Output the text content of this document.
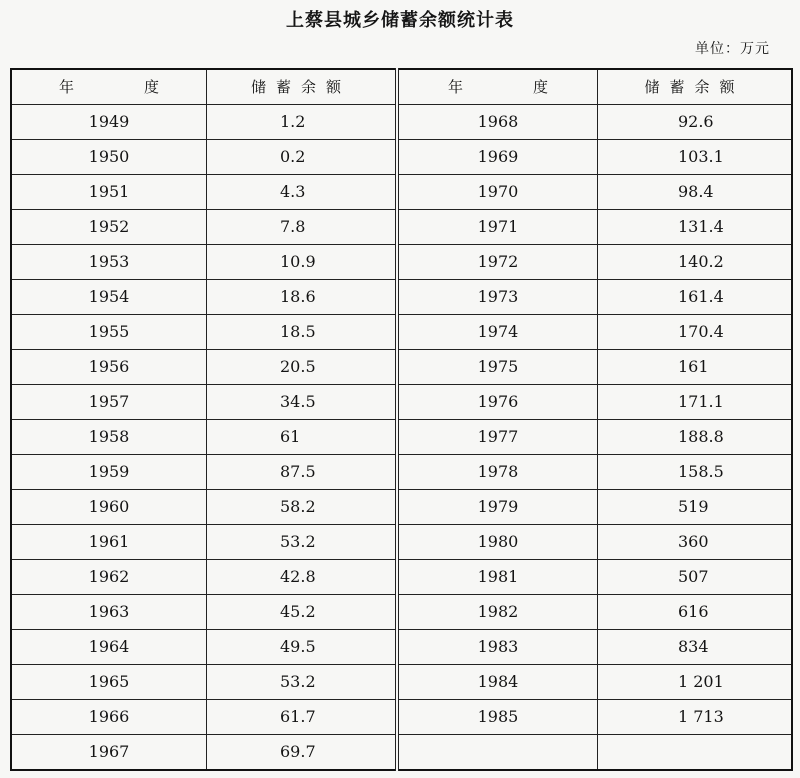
上蔡县城乡储蓄余额统计表
单位：万元
年 度	储蓄余额	年 度	储蓄余额
1949	1.2	1968	92.6
1950	0.2	1969	103.1
1951	4.3	1970	98.4
1952	7.8	1971	131.4
1953	10.9	1972	140.2
1954	18.6	1973	161.4
1955	18.5	1974	170.4
1956	20.5	1975	161
1957	34.5	1976	171.1
1958	61	1977	188.8
1959	87.5	1978	158.5
1960	58.2	1979	519
1961	53.2	1980	360
1962	42.8	1981	507
1963	45.2	1982	616
1964	49.5	1983	834
1965	53.2	1984	1 201
1966	61.7	1985	1 713
1967	69.7		
